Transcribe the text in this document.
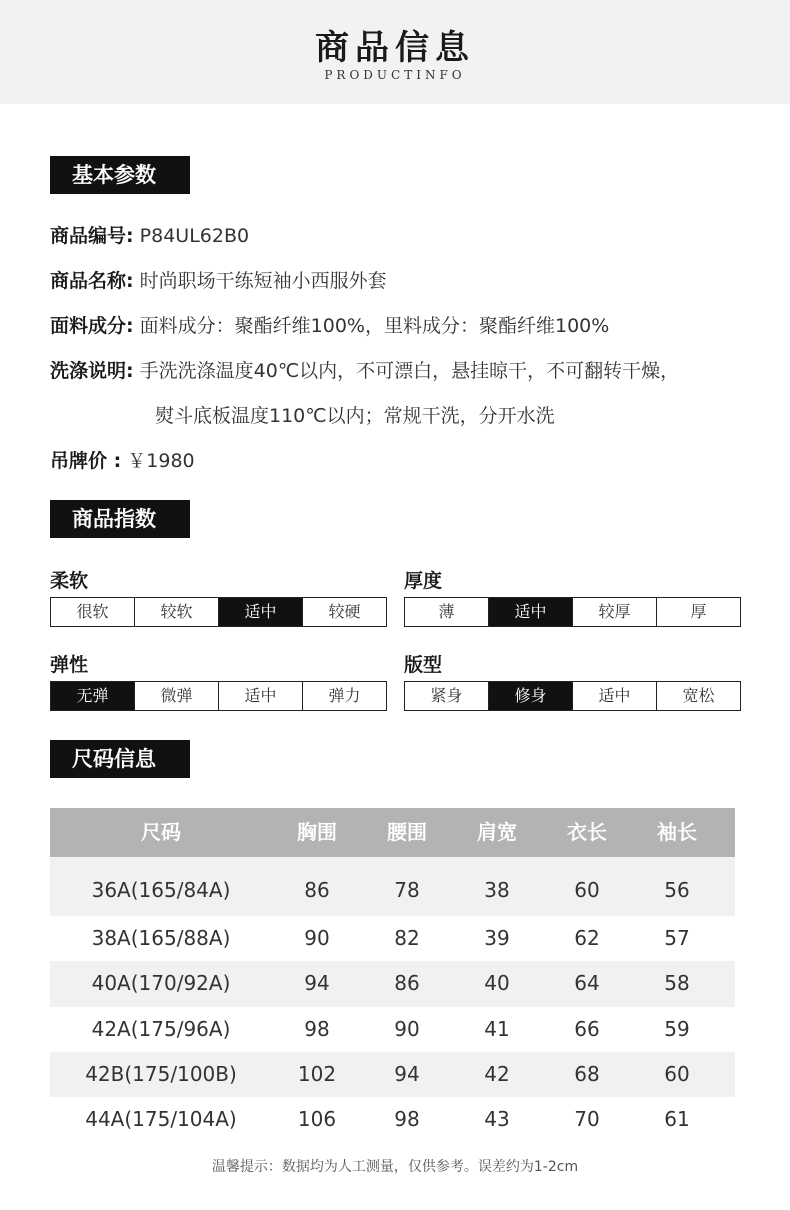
商品信息
PRODUCTINFO
基本参数
商品编号: P84UL62B0
商品名称: 时尚职场干练短袖小西服外套
面料成分: 面料成分：聚酯纤维100%，里料成分：聚酯纤维100%
洗涤说明: 手洗洗涤温度40℃以内，不可漂白，悬挂晾干，不可翻转干燥，
熨斗底板温度110℃以内；常规干洗，分开水洗
吊牌价 : ￥1980
商品指数
柔软
很软	较软	适中	较硬
厚度
薄	适中	较厚	厚
弹性
无弹	微弹	适中	弹力
版型
紧身	修身	适中	宽松
尺码信息
尺码	胸围	腰围	肩宽	衣长	袖长
36A(165/84A)	86	78	38	60	56
38A(165/88A)	90	82	39	62	57
40A(170/92A)	94	86	40	64	58
42A(175/96A)	98	90	41	66	59
42B(175/100B)	102	94	42	68	60
44A(175/104A)	106	98	43	70	61
温馨提示：数据均为人工测量，仅供参考。误差约为1-2cm
